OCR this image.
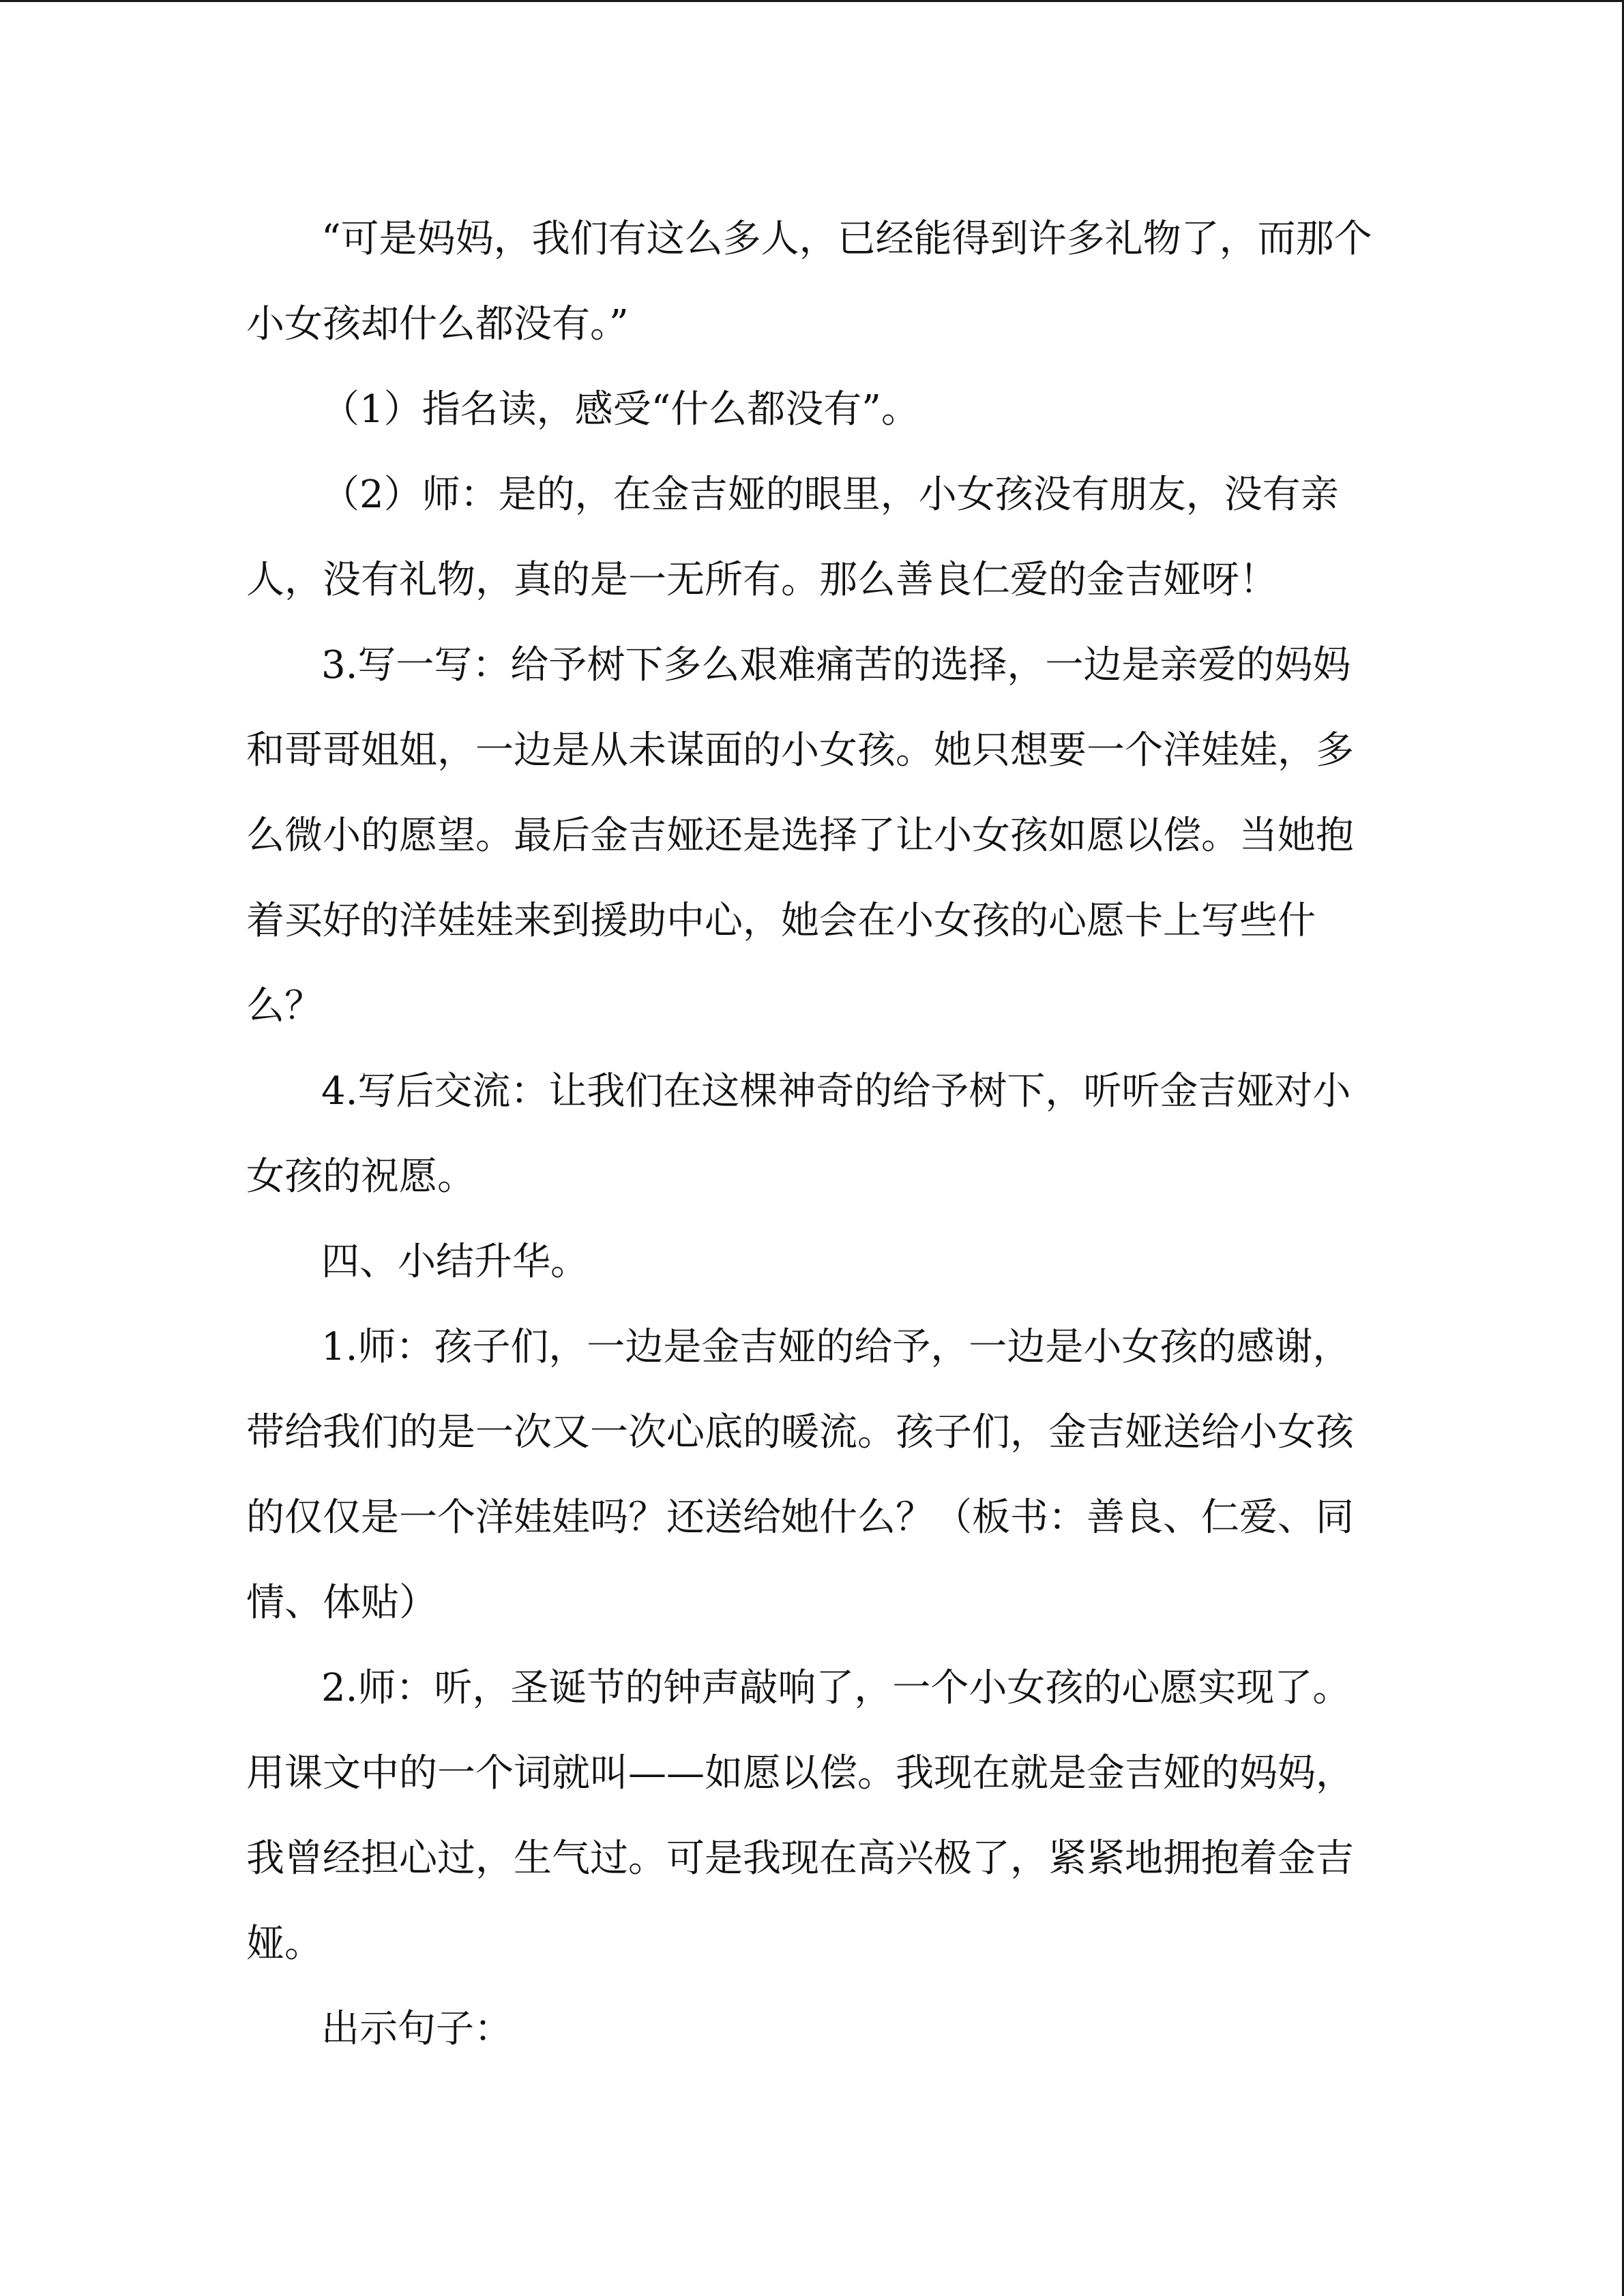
“可是妈妈，我们有这么多人，已经能得到许多礼物了，而那个
小女孩却什么都没有。”
（1）指名读，感受“什么都没有”。
（2）师：是的，在金吉娅的眼里，小女孩没有朋友，没有亲
人，没有礼物，真的是一无所有。那么善良仁爱的金吉娅呀！
3.写一写：给予树下多么艰难痛苦的选择，一边是亲爱的妈妈
和哥哥姐姐，一边是从未谋面的小女孩。她只想要一个洋娃娃，多
么微小的愿望。最后金吉娅还是选择了让小女孩如愿以偿。当她抱
着买好的洋娃娃来到援助中心，她会在小女孩的心愿卡上写些什
么？
4.写后交流：让我们在这棵神奇的给予树下，听听金吉娅对小
女孩的祝愿。
四、小结升华。
1.师：孩子们，一边是金吉娅的给予，一边是小女孩的感谢，
带给我们的是一次又一次心底的暖流。孩子们，金吉娅送给小女孩
的仅仅是一个洋娃娃吗？还送给她什么？（板书：善良、仁爱、同
情、体贴）
2.师：听，圣诞节的钟声敲响了，一个小女孩的心愿实现了。
用课文中的一个词就叫——如愿以偿。我现在就是金吉娅的妈妈，
我曾经担心过，生气过。可是我现在高兴极了，紧紧地拥抱着金吉
娅。
出示句子：
